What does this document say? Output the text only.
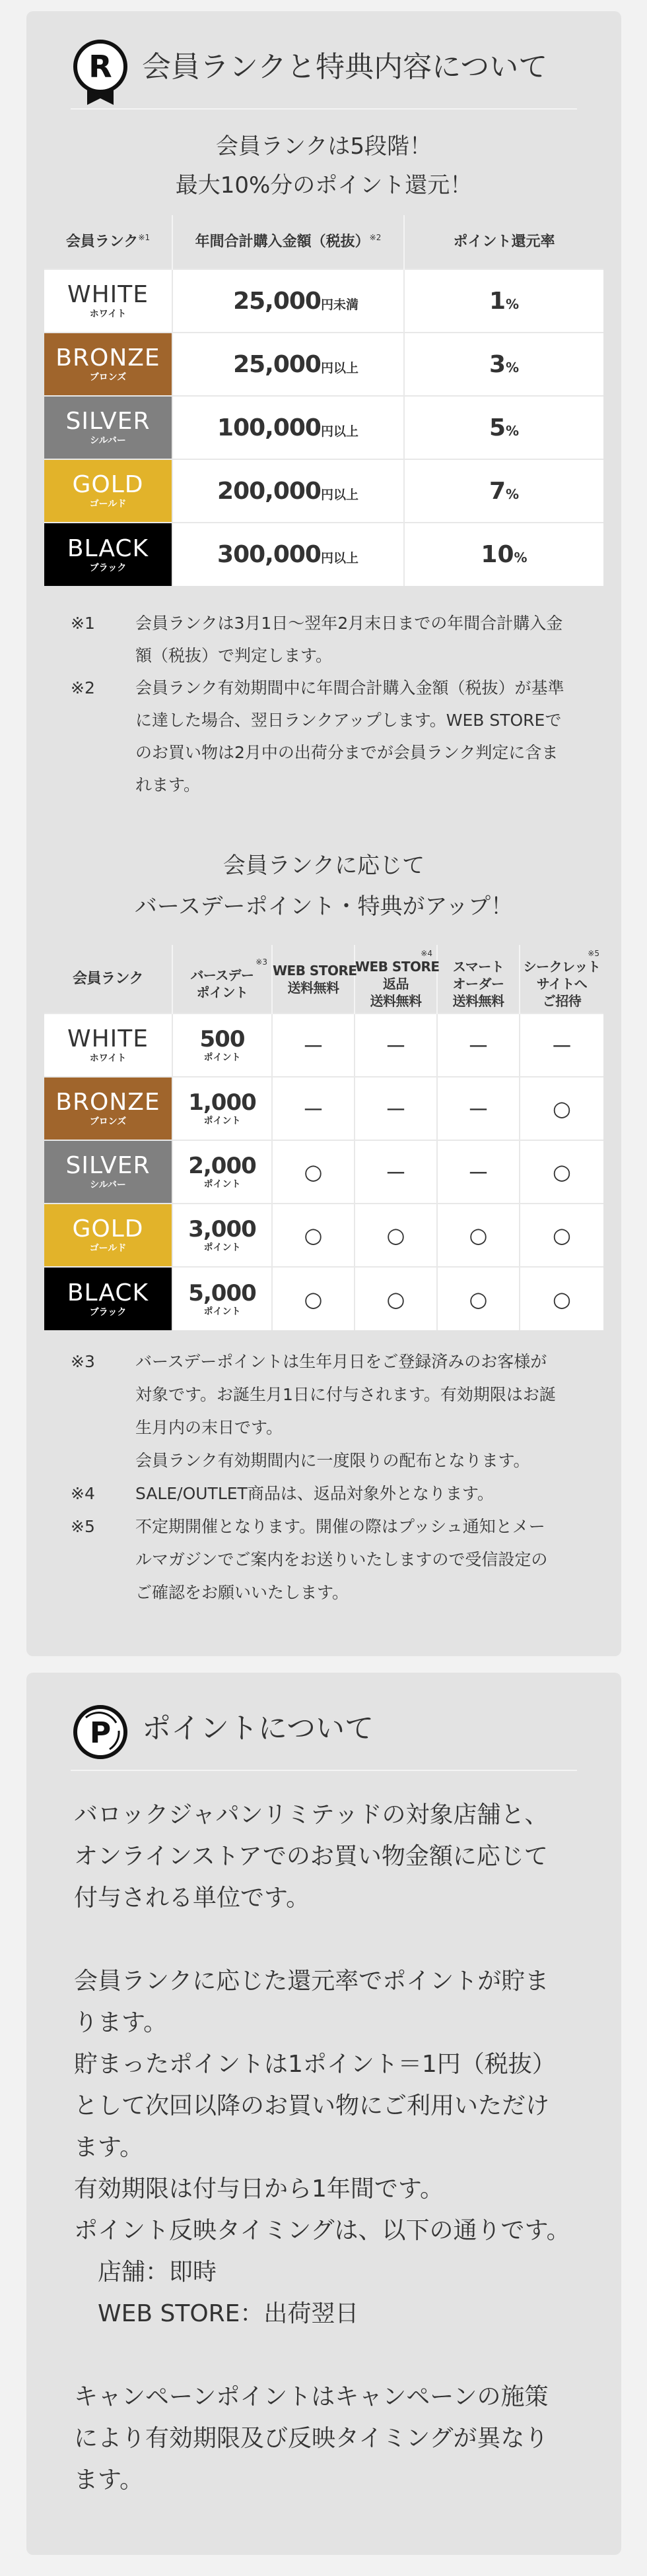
R 会員ランクと特典内容について
会員ランクは5段階！
最大10%分のポイント還元！
会員ランク$^{※1}$	年間合計購入金額（税抜）$^{※2}$	ポイント還元率

WHITE
ホワイト	25,000円未満	1%

BRONZE
ブロンズ	25,000円以上	3%

SILVER
シルバー	100,000円以上	5%

GOLD
ゴールド	200,000円以上	7%

BLACK
ブラック	300,000円以上	10%
※1 会員ランクは3月1日～翌年2月末日までの年間合計購入金
額（税抜）で判定します。
※2 会員ランク有効期間中に年間合計購入金額（税抜）が基準
に達した場合、翌日ランクアップします。WEB STOREで
のお買い物は2月中の出荷分までが会員ランク判定に含ま
れます。
会員ランクに応じて
バースデーポイント・特典がアップ！
会員ランク

※3
バースデー
ポイント

WEB STORE
送料無料

※4
WEB STORE
返品
送料無料

スマート
オーダー
送料無料

※5
シークレット
サイトへ
ご招待

WHITE
ホワイト

500
ポイント	－	－	－	－

BRONZE
ブロンズ

1,000
ポイント	－	－	－	○

SILVER
シルバー

2,000
ポイント	○	－	－	○

GOLD
ゴールド

3,000
ポイント	○	○	○	○

BLACK
ブラック

5,000
ポイント	○	○	○	○
※3 バースデーポイントは生年月日をご登録済みのお客様が
対象です。お誕生月1日に付与されます。有効期限はお誕
生月内の末日です。
会員ランク有効期間内に一度限りの配布となります。
※4 SALE/OUTLET商品は、返品対象外となります。
※5 不定期開催となります。開催の際はプッシュ通知とメー
ルマガジンでご案内をお送りいたしますので受信設定の
ご確認をお願いいたします。
P ポイントについて
バロックジャパンリミテッドの対象店舗と、
オンラインストアでのお買い物金額に応じて
付与される単位です。
会員ランクに応じた還元率でポイントが貯ま
ります。
貯まったポイントは1ポイント＝1円（税抜）
として次回以降のお買い物にご利用いただけ
ます。
有効期限は付与日から1年間です。
ポイント反映タイミングは、以下の通りです。
　店舗：即時
　WEB STORE：出荷翌日
キャンペーンポイントはキャンペーンの施策
により有効期限及び反映タイミングが異なり
ます。
